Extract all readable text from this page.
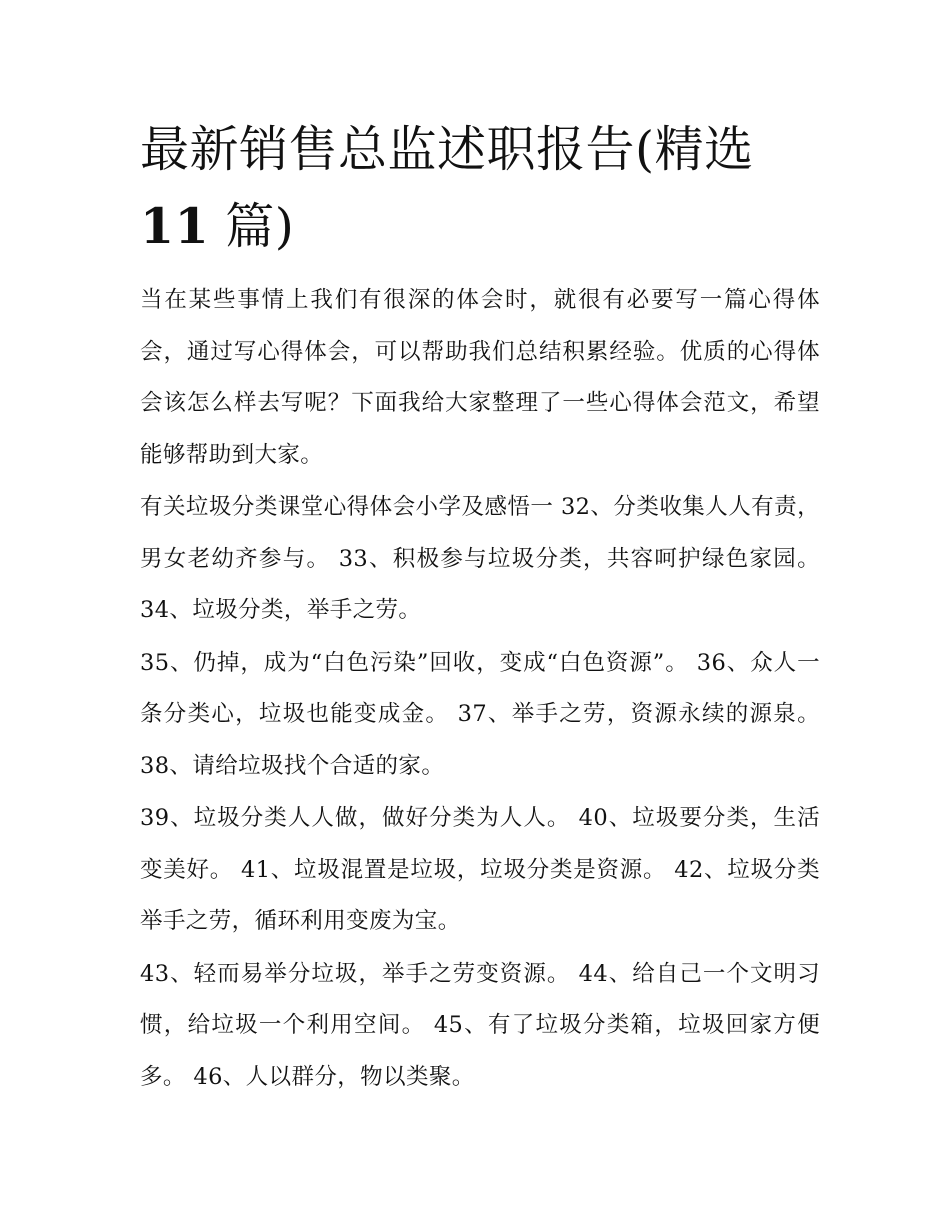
最新销售总监述职报告(精选
11 篇)

当在某些事情上我们有很深的体会时，就很有必要写一篇心得体会，通过写心得体会，可以帮助我们总结积累经验。优质的心得体会该怎么样去写呢？下面我给大家整理了一些心得体会范文，希望能够帮助到大家。

有关垃圾分类课堂心得体会小学及感悟一 32、分类收集人人有责，男女老幼齐参与。 33、积极参与垃圾分类，共容呵护绿色家园。 34、垃圾分类，举手之劳。

35、仍掉，成为“白色污染”回收，变成“白色资源”。 36、众人一条分类心，垃圾也能变成金。 37、举手之劳，资源永续的源泉。 38、请给垃圾找个合适的家。

39、垃圾分类人人做，做好分类为人人。 40、垃圾要分类，生活变美好。 41、垃圾混置是垃圾，垃圾分类是资源。 42、垃圾分类举手之劳，循环利用变废为宝。

43、轻而易举分垃圾，举手之劳变资源。 44、给自己一个文明习惯，给垃圾一个利用空间。 45、有了垃圾分类箱，垃圾回家方便多。 46、人以群分，物以类聚。
